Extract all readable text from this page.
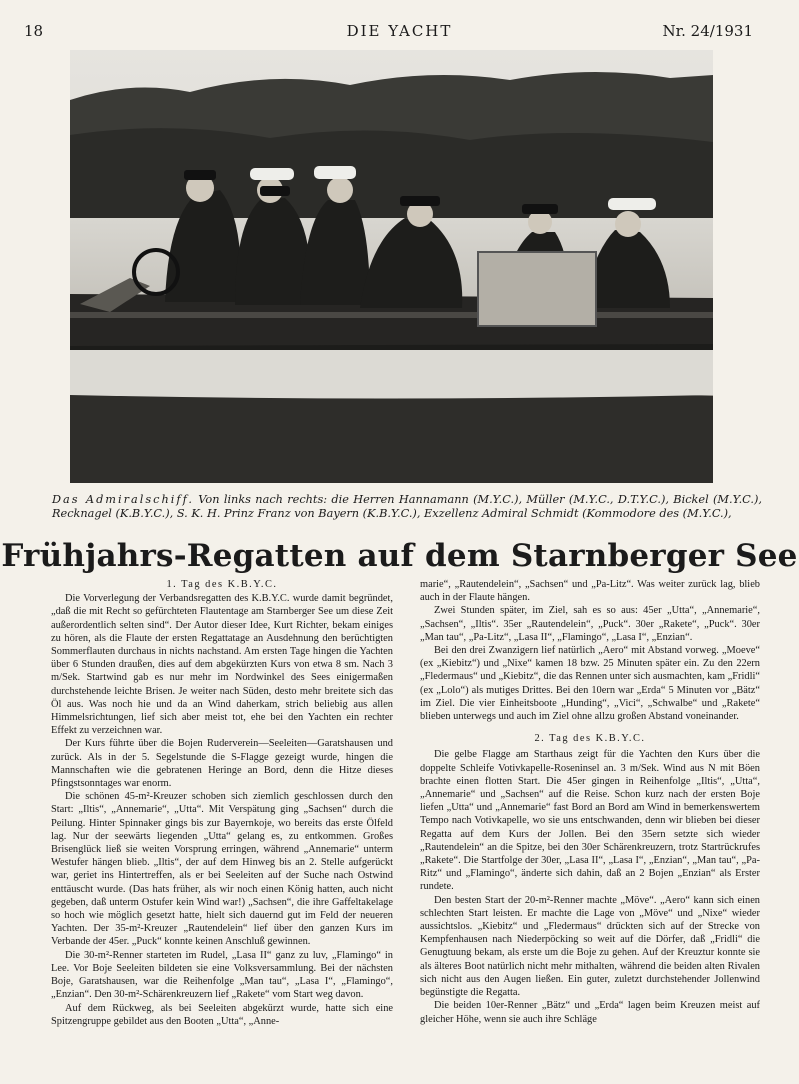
18	DIE YACHT	Nr. 24/1931
Das Admiralschiff. Von links nach rechts: die Herren Hannamann (M.Y.C.), Müller (M.Y.C., D.T.Y.C.), Bickel (M.Y.C.), Recknagel (K.B.Y.C.), S. K. H. Prinz Franz von Bayern (K.B.Y.C.), Exzellenz Admiral Schmidt (Kommodore des (M.Y.C.),
Frühjahrs-Regatten auf dem Starnberger See
1. Tag des K.B.Y.C.

Die Vorverlegung der Verbandsregatten des K.B.Y.C. wurde damit begründet, „daß die mit Recht so gefürchteten Flautentage am Starnberger See um diese Zeit außerordentlich selten sind“. Der Autor dieser Idee, Kurt Richter, bekam einiges zu hören, als die Flaute der ersten Regattatage an Ausdehnung den berüchtigten Sommerflauten durchaus in nichts nachstand. Am ersten Tage hingen die Yachten über 6 Stunden draußen, dies auf dem abgekürzten Kurs von etwa 8 sm. Nach 3 m/Sek. Startwind gab es nur mehr im Nordwinkel des Sees einigermaßen durchstehende leichte Brisen. Je weiter nach Süden, desto mehr breitete sich das Öl aus. Was noch hie und da an Wind daherkam, strich beliebig aus allen Himmelsrichtungen, lief sich aber meist tot, ehe bei den Yachten ein rechter Effekt zu verzeichnen war.

Der Kurs führte über die Bojen Ruderverein—Seeleiten—Garatshausen und zurück. Als in der 5. Segelstunde die S-Flagge gezeigt wurde, hingen die Mannschaften wie die gebratenen Heringe an Bord, denn die Hitze dieses Pfingstsonntages war enorm.

Die schönen 45-m²-Kreuzer schoben sich ziemlich geschlossen durch den Start: „Iltis“, „Annemarie“, „Utta“. Mit Verspätung ging „Sachsen“ durch die Peilung. Hinter Spinnaker gings bis zur Bayernkoje, wo bereits das erste Ölfeld lag. Nur der seewärts liegenden „Utta“ gelang es, zu entkommen. Großes Brisenglück ließ sie weiten Vorsprung erringen, während „Annemarie“ unterm Westufer hängen blieb. „Iltis“, der auf dem Hinweg bis an 2. Stelle aufgerückt war, geriet ins Hintertreffen, als er bei Seeleiten auf der Suche nach Ostwind enttäuscht wurde. (Das hats früher, als wir noch einen König hatten, auch nicht gegeben, daß unterm Ostufer kein Wind war!) „Sachsen“, die ihre Gaffeltakelage so hoch wie möglich gesetzt hatte, hielt sich dauernd gut im Feld der neueren Yachten. Der 35-m²-Kreuzer „Rautendelein“ lief über den ganzen Kurs im Verbande der 45er. „Puck“ konnte keinen Anschluß gewinnen.

Die 30-m²-Renner starteten im Rudel, „Lasa II“ ganz zu luv, „Flamingo“ in Lee. Vor Boje Seeleiten bildeten sie eine Volksversammlung. Bei der nächsten Boje, Garatshausen, war die Reihenfolge „Man tau“, „Lasa I“, „Flamingo“, „Enzian“. Den 30-m²-Schärenkreuzern lief „Rakete“ vom Start weg davon.

Auf dem Rückweg, als bei Seeleiten abgekürzt wurde, hatte sich eine Spitzengruppe gebildet aus den Booten „Utta“, „Anne-

marie“, „Rautendelein“, „Sachsen“ und „Pa-Litz“. Was weiter zurück lag, blieb auch in der Flaute hängen.

Zwei Stunden später, im Ziel, sah es so aus: 45er „Utta“, „Annemarie“, „Sachsen“, „Iltis“. 35er „Rautendelein“, „Puck“. 30er „Rakete“, „Puck“. 30er „Man tau“, „Pa-Litz“, „Lasa II“, „Flamingo“, „Lasa I“, „Enzian“.

Bei den drei Zwanzigern lief natürlich „Aero“ mit Abstand vorweg. „Moeve“ (ex „Kiebitz“) und „Nixe“ kamen 18 bzw. 25 Minuten später ein. Zu den 22ern „Fledermaus“ und „Kiebitz“, die das Rennen unter sich ausmachten, kam „Fridli“ (ex „Lolo“) als mutiges Drittes. Bei den 10ern war „Erda“ 5 Minuten vor „Bätz“ im Ziel. Die vier Einheitsboote „Hunding“, „Vici“, „Schwalbe“ und „Rakete“ blieben unterwegs und auch im Ziel ohne allzu großen Abstand voneinander.

2. Tag des K.B.Y.C.

Die gelbe Flagge am Starthaus zeigt für die Yachten den Kurs über die doppelte Schleife Votivkapelle-Roseninsel an. 3 m/Sek. Wind aus N mit Böen brachte einen flotten Start. Die 45er gingen in Reihenfolge „Iltis“, „Utta“, „Annemarie“ und „Sachsen“ auf die Reise. Schon kurz nach der ersten Boje liefen „Utta“ und „Annemarie“ fast Bord an Bord am Wind in bemerkenswertem Tempo nach Votivkapelle, wo sie uns entschwanden, denn wir blieben bei dieser Regatta auf dem Kurs der Jollen. Bei den 35ern setzte sich wieder „Rautendelein“ an die Spitze, bei den 30er Schärenkreuzern, trotz Startrückrufes „Rakete“. Die Startfolge der 30er, „Lasa II“, „Lasa I“, „Enzian“, „Man tau“, „Pa-Ritz“ und „Flamingo“, änderte sich dahin, daß an 2 Bojen „Enzian“ als Erster rundete.

Den besten Start der 20-m²-Renner machte „Möve“. „Aero“ kann sich einen schlechten Start leisten. Er machte die Lage von „Möve“ und „Nixe“ wieder aussichtslos. „Kiebitz“ und „Fledermaus“ drückten sich auf der Strecke von Kempfenhausen nach Niederpöcking so weit auf die Dörfer, daß „Fridli“ die Genugtuung bekam, als erste um die Boje zu gehen. Auf der Kreuztur konnte sie als älteres Boot natürlich nicht mehr mithalten, während die beiden alten Rivalen sich nicht aus den Augen ließen. Ein guter, zuletzt durchstehender Jollenwind begünstigte die Regatta.

Die beiden 10er-Renner „Bätz“ und „Erda“ lagen beim Kreuzen meist auf gleicher Höhe, wenn sie auch ihre Schläge
